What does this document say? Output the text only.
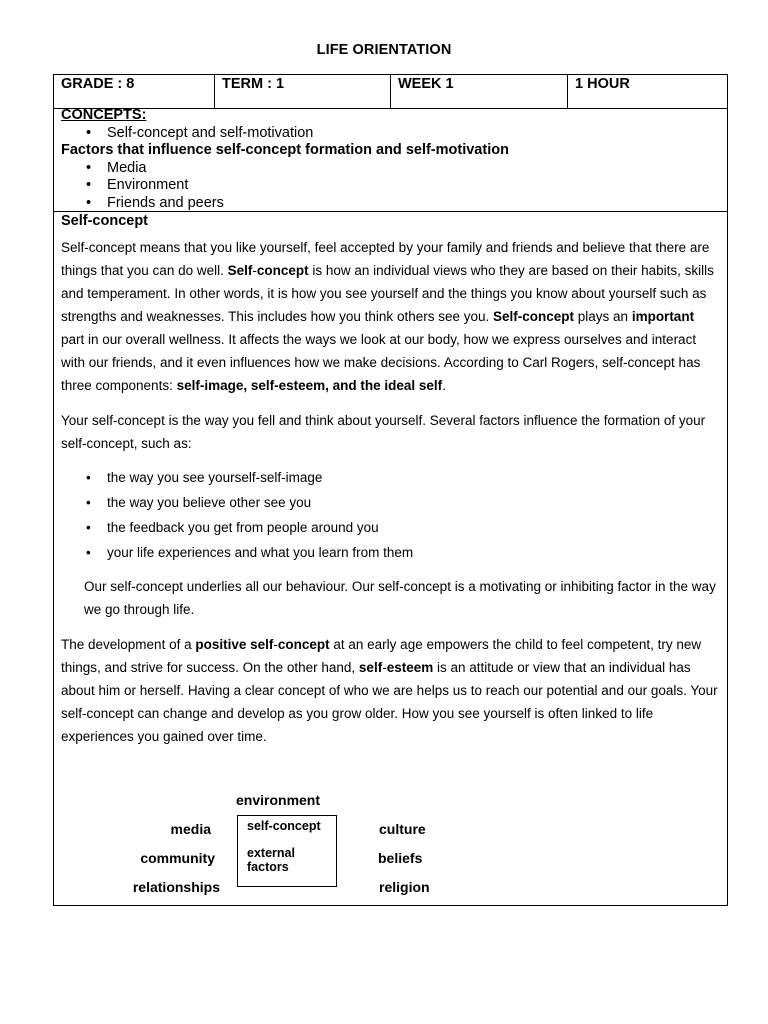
LIFE ORIENTATION
GRADE : 8	TERM : 1	WEEK 1	1 HOUR
CONCEPTS:
• Self-concept and self-motivation
Factors that influence self-concept formation and self-motivation
• Media
• Environment
• Friends and peers
Self-concept

Self-concept means that you like yourself, feel accepted by your family and friends and believe that there are things that you can do well. Self-concept is how an individual views who they are based on their habits, skills and temperament. In other words, it is how you see yourself and the things you know about yourself such as strengths and weaknesses. This includes how you think others see you. Self-concept plays an important part in our overall wellness. It affects the ways we look at our body, how we express ourselves and interact with our friends, and it even influences how we make decisions. According to Carl Rogers, self-concept has three components: self-image, self-esteem, and the ideal self.

Your self-concept is the way you fell and think about yourself. Several factors influence the formation of your self-concept, such as:

• the way you see yourself-self-image
• the way you believe other see you
• the feedback you get from people around you
• your life experiences and what you learn from them

Our self-concept underlies all our behaviour. Our self-concept is a motivating or inhibiting factor in the way we go through life.

The development of a positive self-concept at an early age empowers the child to feel competent, try new things, and strive for success. On the other hand, self-esteem is an attitude or view that an individual has about him or herself. Having a clear concept of who we are helps us to reach our potential and our goals. Your self-concept can change and develop as you grow older. How you see yourself is often linked to life experiences you gained over time.

environment
media
community
relationships
self-concept
external factors
culture
beliefs
religion
